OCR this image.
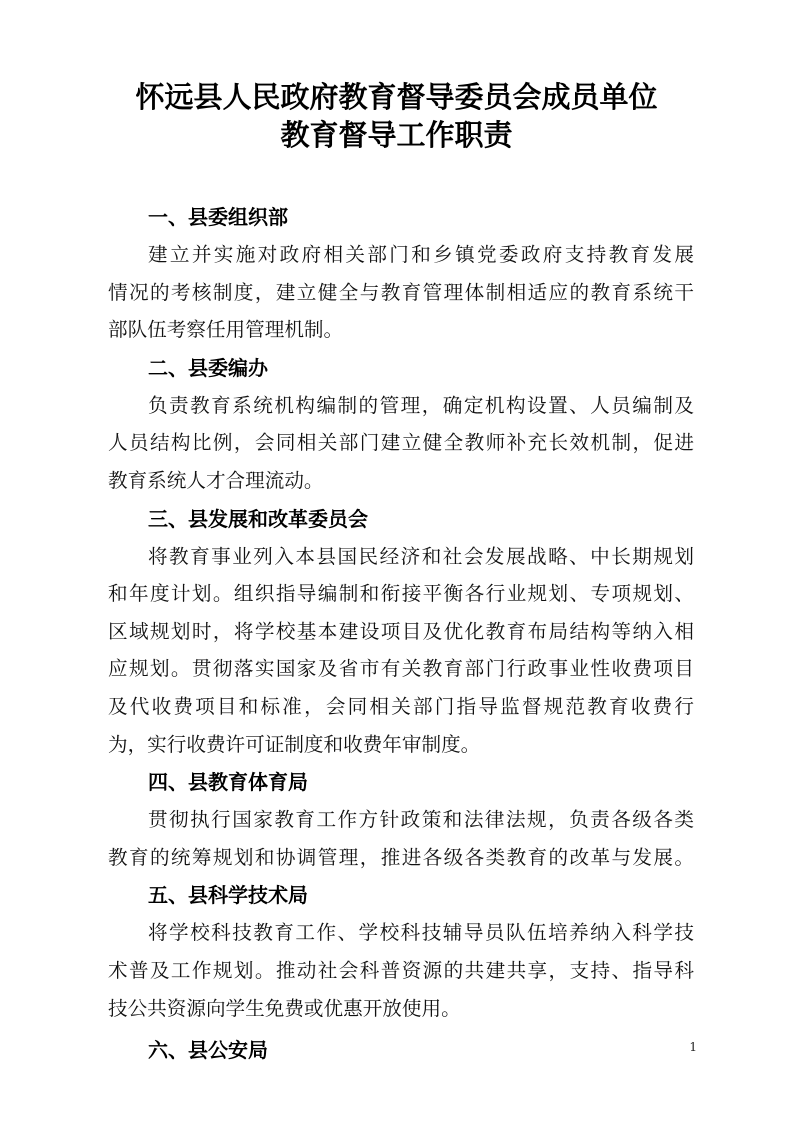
怀远县人民政府教育督导委员会成员单位
教育督导工作职责
一、县委组织部
建立并实施对政府相关部门和乡镇党委政府支持教育发展
情况的考核制度，建立健全与教育管理体制相适应的教育系统干
部队伍考察任用管理机制。
二、县委编办
负责教育系统机构编制的管理，确定机构设置、人员编制及
人员结构比例，会同相关部门建立健全教师补充长效机制，促进
教育系统人才合理流动。
三、县发展和改革委员会
将教育事业列入本县国民经济和社会发展战略、中长期规划
和年度计划。组织指导编制和衔接平衡各行业规划、专项规划、
区域规划时，将学校基本建设项目及优化教育布局结构等纳入相
应规划。贯彻落实国家及省市有关教育部门行政事业性收费项目
及代收费项目和标准，会同相关部门指导监督规范教育收费行
为，实行收费许可证制度和收费年审制度。
四、县教育体育局
贯彻执行国家教育工作方针政策和法律法规，负责各级各类
教育的统筹规划和协调管理，推进各级各类教育的改革与发展。
五、县科学技术局
将学校科技教育工作、学校科技辅导员队伍培养纳入科学技
术普及工作规划。推动社会科普资源的共建共享，支持、指导科
技公共资源向学生免费或优惠开放使用。
六、县公安局	1
